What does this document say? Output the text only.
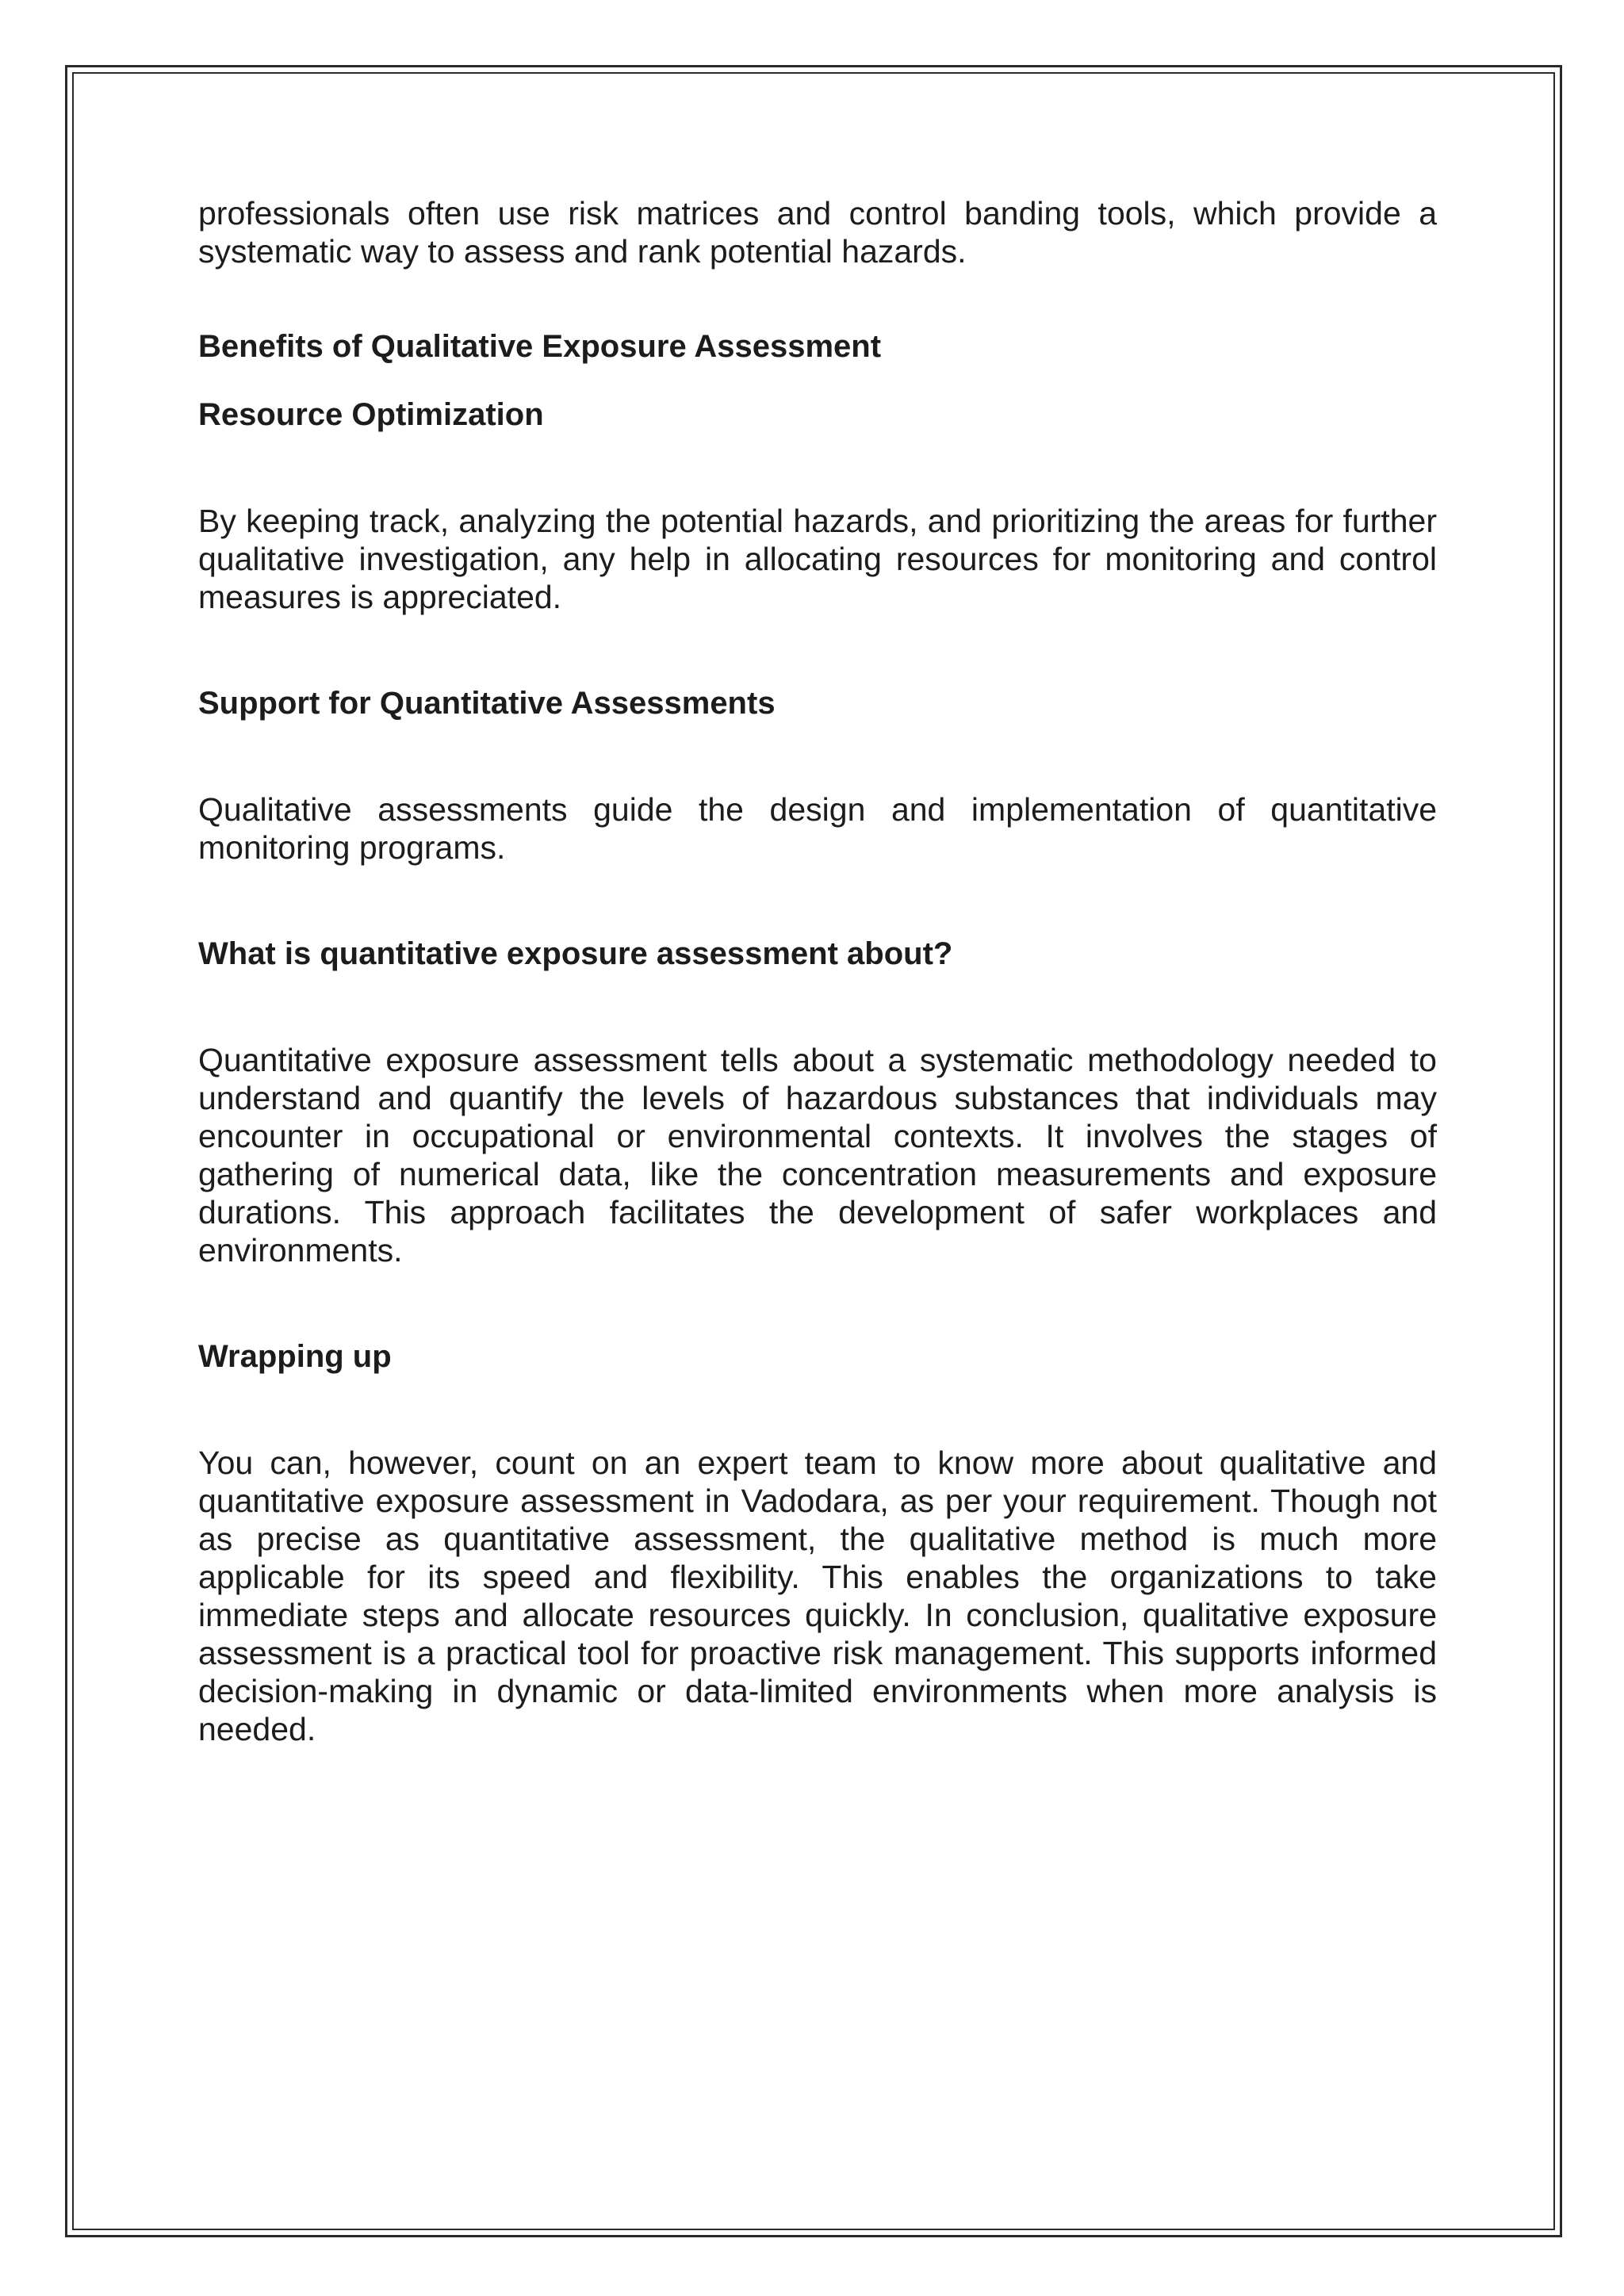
professionals often use risk matrices and control banding tools, which provide a systematic way to assess and rank potential hazards.

Benefits of Qualitative Exposure Assessment
Resource Optimization

By keeping track, analyzing the potential hazards, and prioritizing the areas for further qualitative investigation, any help in allocating resources for monitoring and control measures is appreciated.

Support for Quantitative Assessments

Qualitative assessments guide the design and implementation of quantitative monitoring programs.

What is quantitative exposure assessment about?

Quantitative exposure assessment tells about a systematic methodology needed to understand and quantify the levels of hazardous substances that individuals may encounter in occupational or environmental contexts. It involves the stages of gathering of numerical data, like the concentration measurements and exposure durations. This approach facilitates the development of safer workplaces and environments.

Wrapping up

You can, however, count on an expert team to know more about qualitative and quantitative exposure assessment in Vadodara, as per your requirement. Though not as precise as quantitative assessment, the qualitative method is much more applicable for its speed and flexibility. This enables the organizations to take immediate steps and allocate resources quickly. In conclusion, qualitative exposure assessment is a practical tool for proactive risk management. This supports informed decision-making in dynamic or data-limited environments when more analysis is needed.
